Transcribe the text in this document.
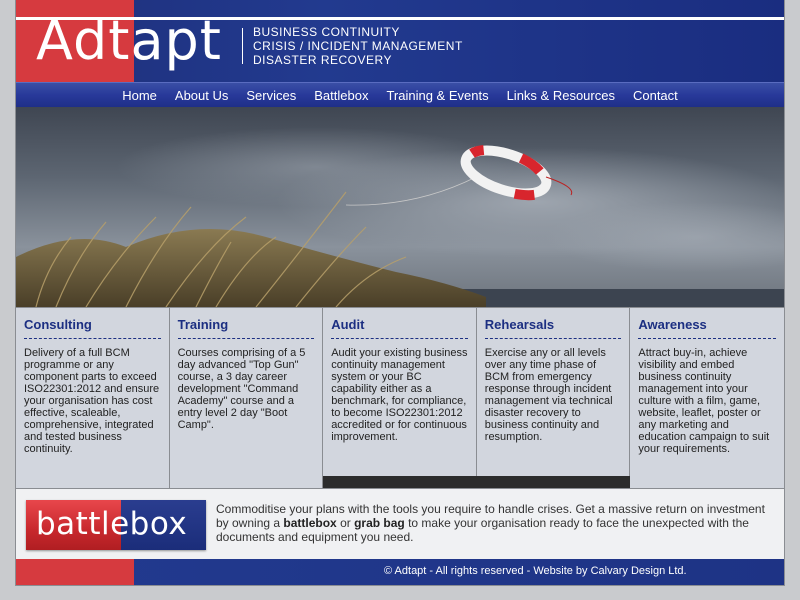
Adtapt	BUSINESS CONTINUITY
CRISIS / INCIDENT MANAGEMENT
DISASTER RECOVERY
Home About Us Services Battlebox Training & Events Links & Resources Contact
Consulting
Delivery of a full BCM programme or any component parts to exceed ISO22301:2012 and ensure your organisation has cost effective, scaleable, comprehensive, integrated and tested business continuity.
Training
Courses comprising of a 5 day advanced "Top Gun" course, a 3 day career development "Command Academy" course and a entry level 2 day "Boot Camp".
Audit
Audit your existing business continuity management system or your BC capability either as a benchmark, for compliance, to become ISO22301:2012 accredited or for continuous improvement.
Rehearsals
Exercise any or all levels over any time phase of BCM from emergency response through incident management via technical disaster recovery to business continuity and resumption.
Awareness
Attract buy-in, achieve visibility and embed business continuity management into your culture with a film, game, website, leaflet, poster or any marketing and education campaign to suit your requirements.
battlebox Commoditise your plans with the tools you require to handle crises. Get a massive return on investment by owning a battlebox or grab bag to make your organisation ready to face the unexpected with the documents and equipment you need.
© Adtapt - All rights reserved - Website by Calvary Design Ltd.
